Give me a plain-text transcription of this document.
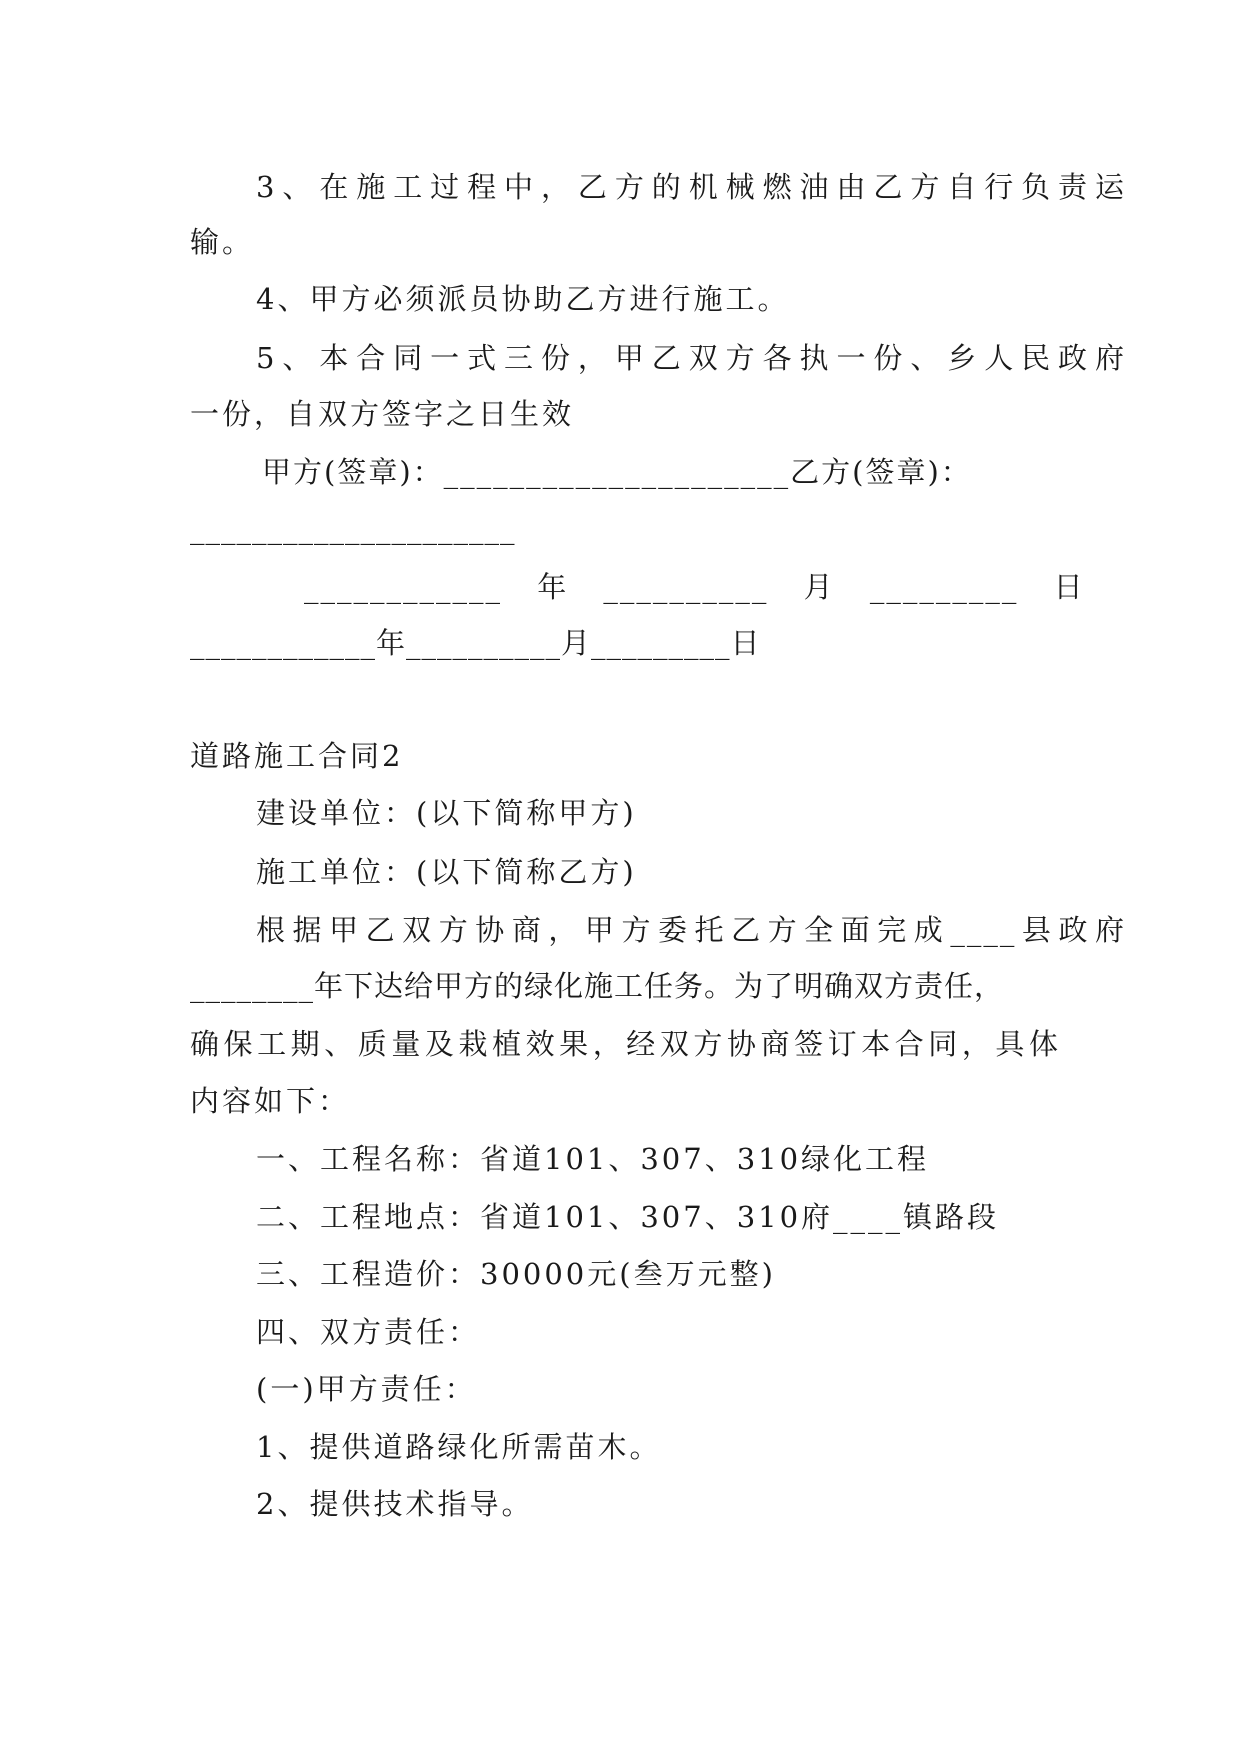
3、在施工过程中，乙方的机械燃油由乙方自行负责运
输。
4、甲方必须派员协助乙方进行施工。
5、本合同一式三份，甲乙双方各执一份、乡人民政府
一份，自双方签字之日生效
甲方(签章)：_____________________乙方(签章)：
_____________________
____________ 年 __________ 月 _________ 日
____________年__________月_________日
道路施工合同2
建设单位：(以下简称甲方)
施工单位：(以下简称乙方)
根据甲乙双方协商，甲方委托乙方全面完成____县政府
________年下达给甲方的绿化施工任务。为了明确双方责任，
确保工期、质量及栽植效果，经双方协商签订本合同，具体
内容如下：
一、工程名称：省道101、307、310绿化工程
二、工程地点：省道101、307、310府____镇路段
三、工程造价：30000元(叁万元整)
四、双方责任：
(一)甲方责任：
1、提供道路绿化所需苗木。
2、提供技术指导。
